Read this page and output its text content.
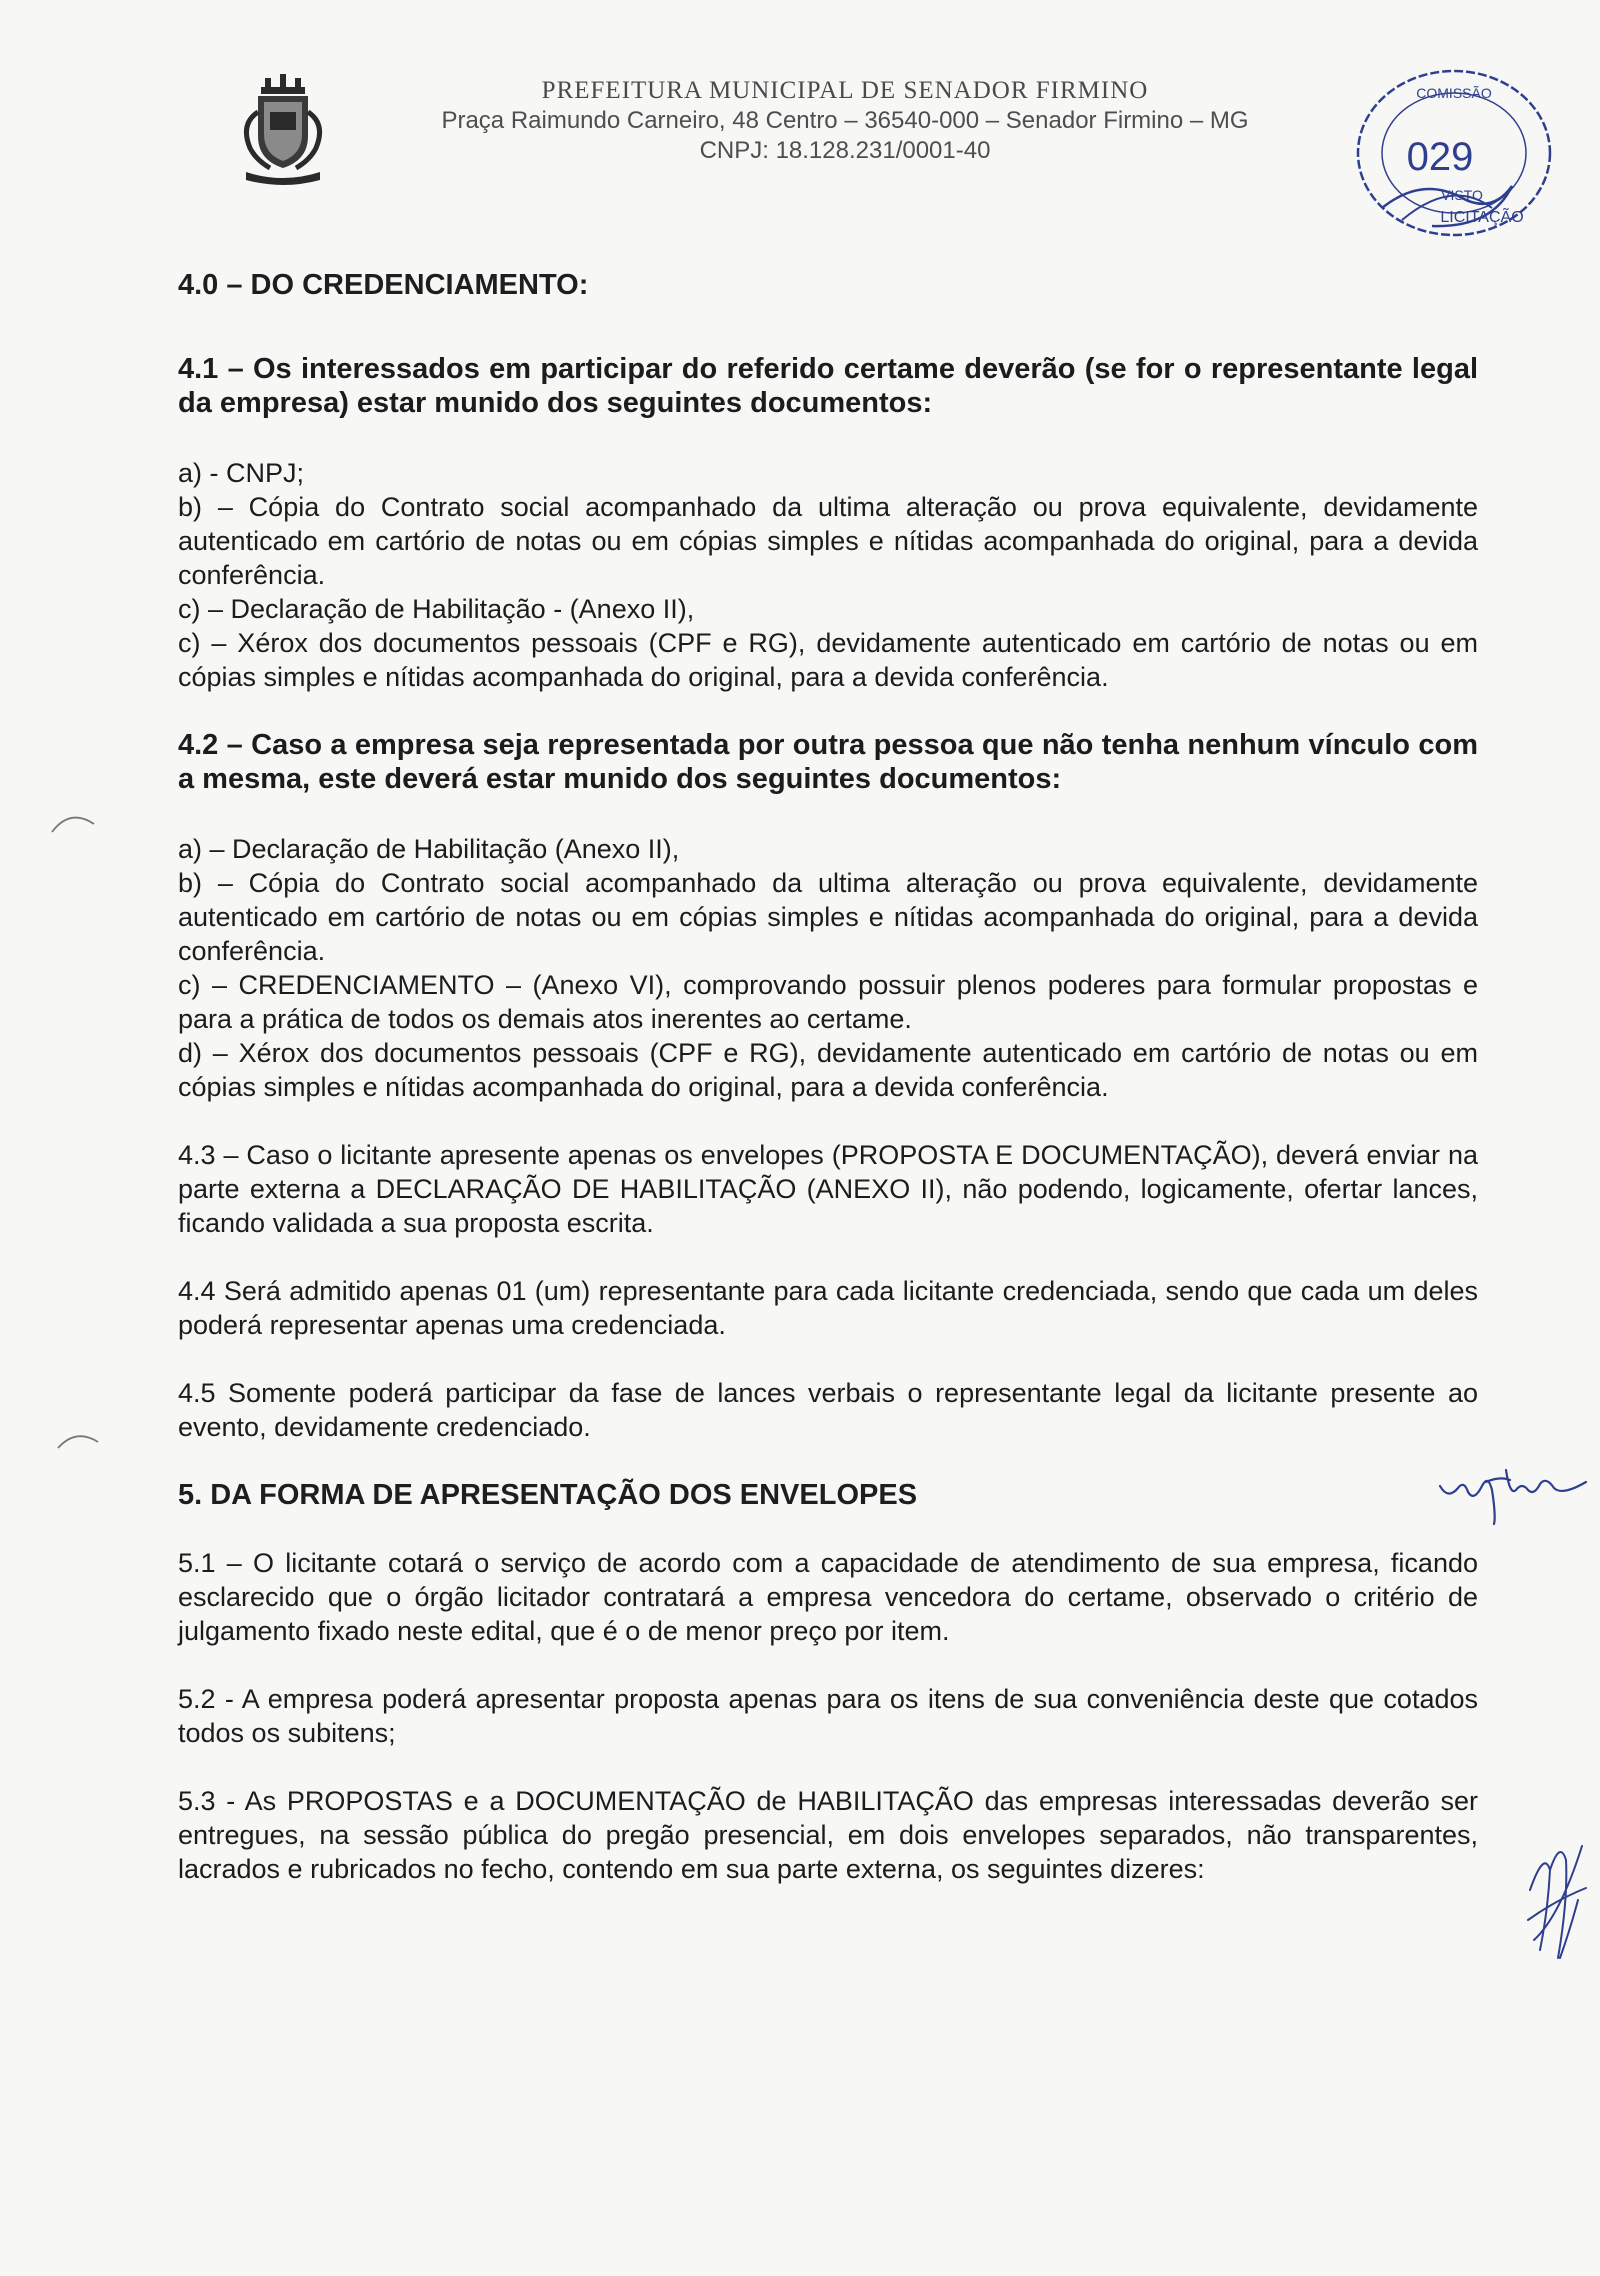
PREFEITURA MUNICIPAL DE SENADOR FIRMINO
Praça Raimundo Carneiro, 48 Centro – 36540-000 – Senador Firmino – MG
CNPJ: 18.128.231/0001-40
COMISSÃO
029
VISTO
LICITAÇÃO
4.0 – DO CREDENCIAMENTO:

4.1 – Os interessados em participar do referido certame deverão (se for o representante legal da empresa) estar munido dos seguintes documentos:

a) - CNPJ;

b) – Cópia do Contrato social acompanhado da ultima alteração ou prova equivalente, devidamente autenticado em cartório de notas ou em cópias simples e nítidas acompanhada do original, para a devida conferência.

c) – Declaração de Habilitação - (Anexo II),

c) – Xérox dos documentos pessoais (CPF e RG), devidamente autenticado em cartório de notas ou em cópias simples e nítidas acompanhada do original, para a devida conferência.

4.2 – Caso a empresa seja representada por outra pessoa que não tenha nenhum vínculo com a mesma, este deverá estar munido dos seguintes documentos:

a) – Declaração de Habilitação (Anexo II),

b) – Cópia do Contrato social acompanhado da ultima alteração ou prova equivalente, devidamente autenticado em cartório de notas ou em cópias simples e nítidas acompanhada do original, para a devida conferência.

c) – CREDENCIAMENTO – (Anexo VI), comprovando possuir plenos poderes para formular propostas e para a prática de todos os demais atos inerentes ao certame.

d) – Xérox dos documentos pessoais (CPF e RG), devidamente autenticado em cartório de notas ou em cópias simples e nítidas acompanhada do original, para a devida conferência.

4.3 – Caso o licitante apresente apenas os envelopes (PROPOSTA E DOCUMENTAÇÃO), deverá enviar na parte externa a DECLARAÇÃO DE HABILITAÇÃO (ANEXO II), não podendo, logicamente, ofertar lances, ficando validada a sua proposta escrita.

4.4 Será admitido apenas 01 (um) representante para cada licitante credenciada, sendo que cada um deles poderá representar apenas uma credenciada.

4.5 Somente poderá participar da fase de lances verbais o representante legal da licitante presente ao evento, devidamente credenciado.

5. DA FORMA DE APRESENTAÇÃO DOS ENVELOPES

5.1 – O licitante cotará o serviço de acordo com a capacidade de atendimento de sua empresa, ficando esclarecido que o órgão licitador contratará a empresa vencedora do certame, observado o critério de julgamento fixado neste edital, que é o de menor preço por item.

5.2 - A empresa poderá apresentar proposta apenas para os itens de sua conveniência deste que cotados todos os subitens;

5.3 - As PROPOSTAS e a DOCUMENTAÇÃO de HABILITAÇÃO das empresas interessadas deverão ser entregues, na sessão pública do pregão presencial, em dois envelopes separados, não transparentes, lacrados e rubricados no fecho, contendo em sua parte externa, os seguintes dizeres:
